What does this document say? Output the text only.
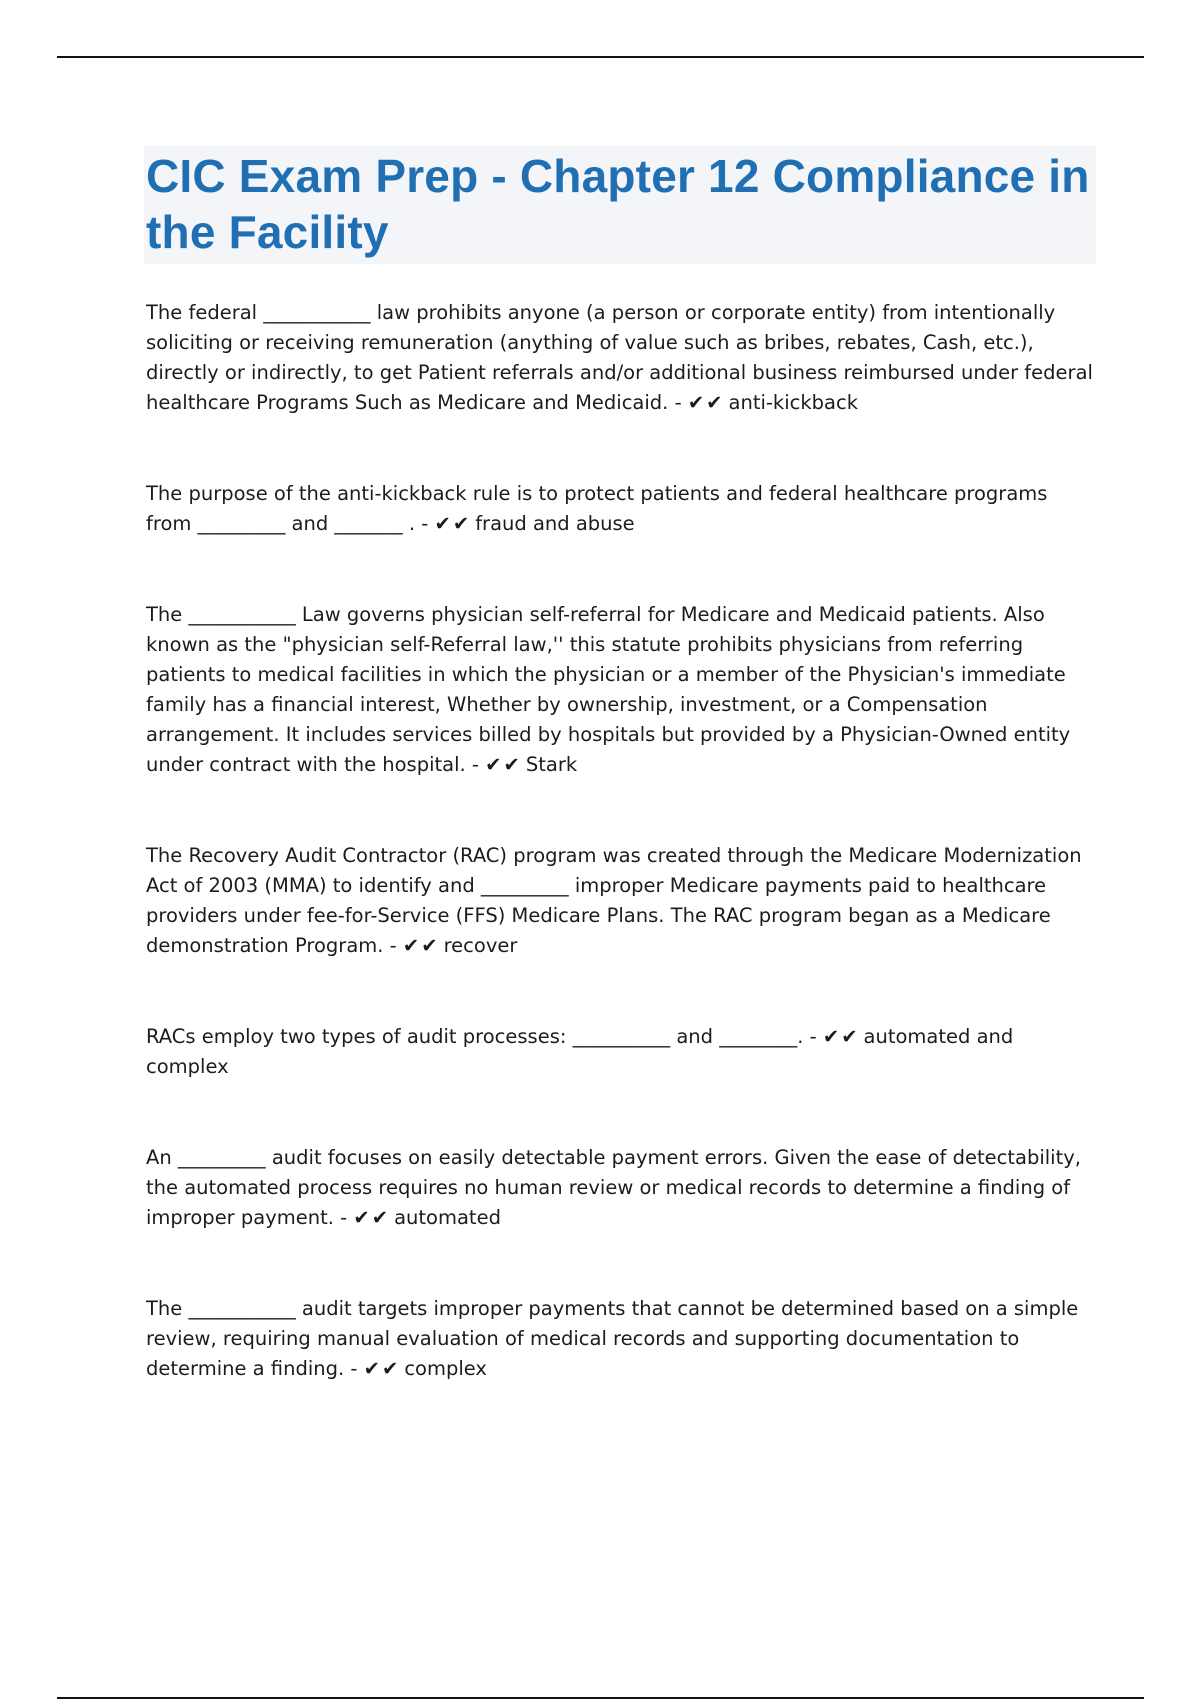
CIC Exam Prep - Chapter 12 Compliance in the Facility

The federal ___________ law prohibits anyone (a person or corporate entity) from intentionally soliciting or receiving remuneration (anything of value such as bribes, rebates, Cash, etc.), directly or indirectly, to get Patient referrals and/or additional business reimbursed under federal healthcare Programs Such as Medicare and Medicaid. - ✔✔ anti-kickback

The purpose of the anti-kickback rule is to protect patients and federal healthcare programs from _________ and _______ . - ✔✔ fraud and abuse

The ___________ Law governs physician self-referral for Medicare and Medicaid patients. Also known as the "physician self-Referral law,'' this statute prohibits physicians from referring patients to medical facilities in which the physician or a member of the Physician's immediate family has a financial interest, Whether by ownership, investment, or a Compensation arrangement. It includes services billed by hospitals but provided by a Physician-Owned entity under contract with the hospital. - ✔✔ Stark

The Recovery Audit Contractor (RAC) program was created through the Medicare Modernization Act of 2003 (MMA) to identify and _________ improper Medicare payments paid to healthcare providers under fee-for-Service (FFS) Medicare Plans. The RAC program began as a Medicare demonstration Program. - ✔✔ recover

RACs employ two types of audit processes: __________ and ________. - ✔✔ automated and complex

An _________ audit focuses on easily detectable payment errors. Given the ease of detectability, the automated process requires no human review or medical records to determine a finding of improper payment. - ✔✔ automated

The ___________ audit targets improper payments that cannot be determined based on a simple review, requiring manual evaluation of medical records and supporting documentation to determine a finding. - ✔✔ complex
